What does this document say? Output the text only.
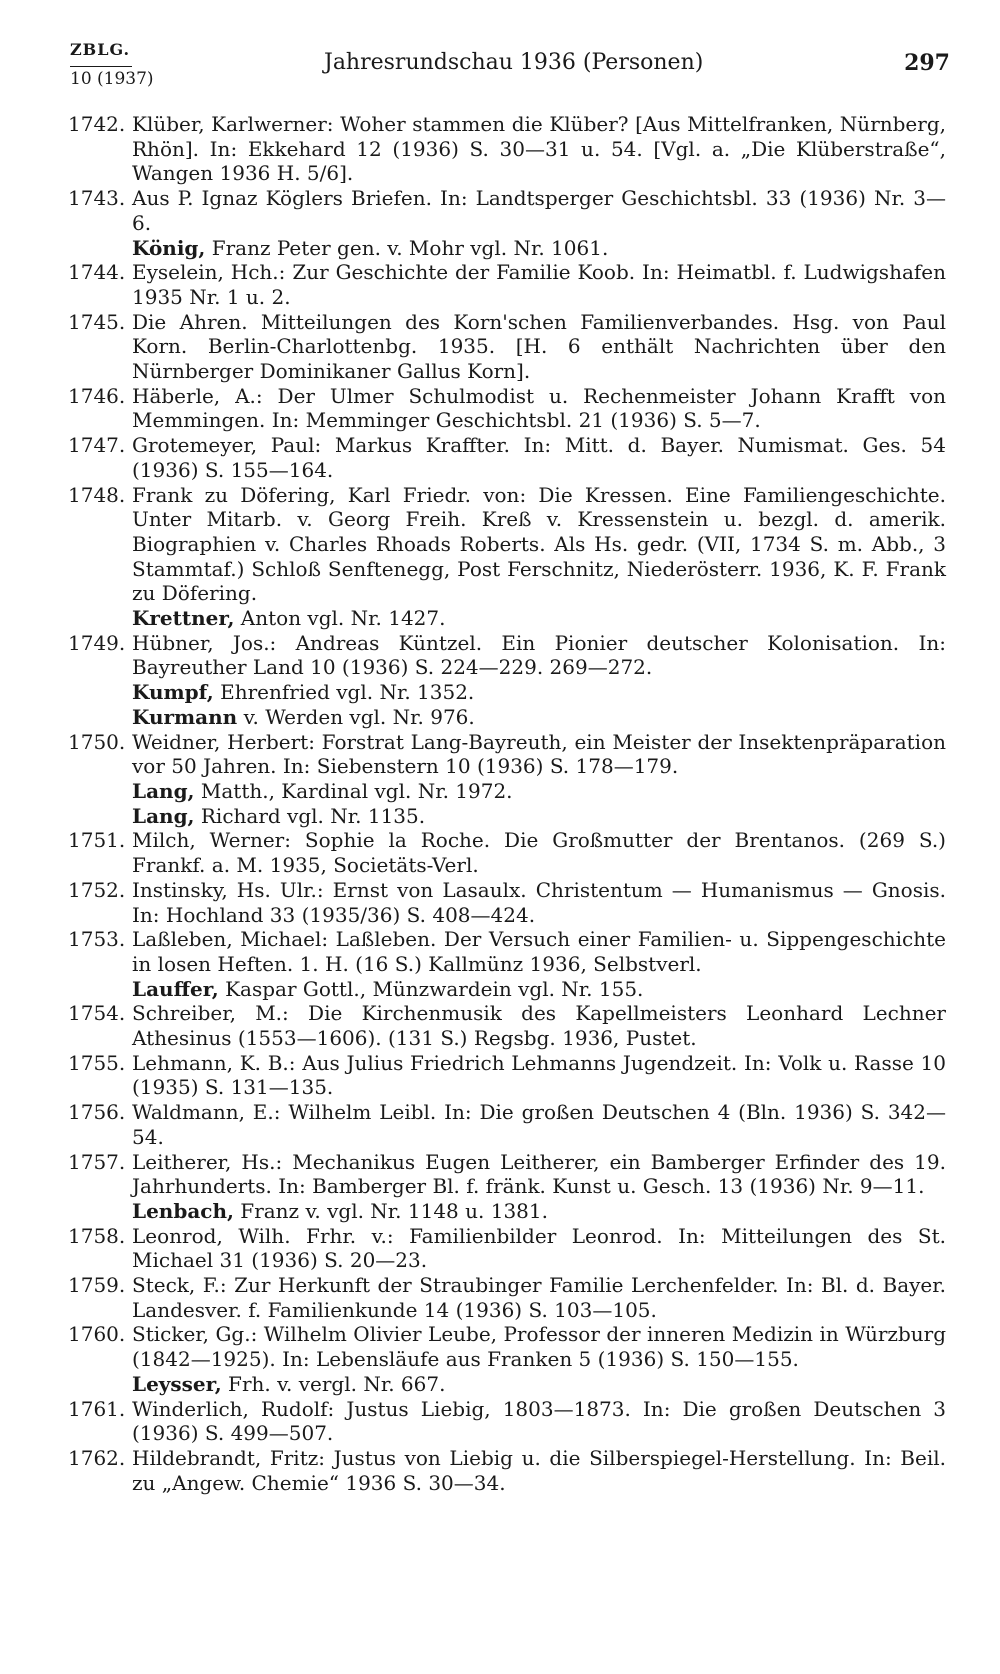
ZBLG.
10 (1937)
Jahresrundschau 1936 (Personen)	297
1742. Klüber, Karlwerner: Woher stammen die Klüber? [Aus Mittelfranken, Nürnberg, Rhön]. In: Ekkehard 12 (1936) S. 30—31 u. 54. [Vgl. a. „Die Klüberstraße“, Wangen 1936 H. 5/6].
1743. Aus P. Ignaz Köglers Briefen. In: Landtsperger Geschichtsbl. 33 (1936) Nr. 3—6.
König, Franz Peter gen. v. Mohr vgl. Nr. 1061.
1744. Eyselein, Hch.: Zur Geschichte der Familie Koob. In: Heimatbl. f. Ludwigshafen 1935 Nr. 1 u. 2.
1745. Die Ahren. Mitteilungen des Korn'schen Familienverbandes. Hsg. von Paul Korn. Berlin-Charlottenbg. 1935. [H. 6 enthält Nachrichten über den Nürnberger Dominikaner Gallus Korn].
1746. Häberle, A.: Der Ulmer Schulmodist u. Rechenmeister Johann Krafft von Memmingen. In: Memminger Geschichtsbl. 21 (1936) S. 5—7.
1747. Grotemeyer, Paul: Markus Kraffter. In: Mitt. d. Bayer. Numismat. Ges. 54 (1936) S. 155—164.
1748. Frank zu Döfering, Karl Friedr. von: Die Kressen. Eine Familiengeschichte. Unter Mitarb. v. Georg Freih. Kreß v. Kressenstein u. bezgl. d. amerik. Biographien v. Charles Rhoads Roberts. Als Hs. gedr. (VII, 1734 S. m. Abb., 3 Stammtaf.) Schloß Senftenegg, Post Ferschnitz, Niederösterr. 1936, K. F. Frank zu Döfering.
Krettner, Anton vgl. Nr. 1427.
1749. Hübner, Jos.: Andreas Küntzel. Ein Pionier deutscher Kolonisation. In: Bayreuther Land 10 (1936) S. 224—229. 269—272.
Kumpf, Ehrenfried vgl. Nr. 1352.
Kurmann v. Werden vgl. Nr. 976.
1750. Weidner, Herbert: Forstrat Lang-Bayreuth, ein Meister der Insektenpräparation vor 50 Jahren. In: Siebenstern 10 (1936) S. 178—179.
Lang, Matth., Kardinal vgl. Nr. 1972.
Lang, Richard vgl. Nr. 1135.
1751. Milch, Werner: Sophie la Roche. Die Großmutter der Brentanos. (269 S.) Frankf. a. M. 1935, Societäts-Verl.
1752. Instinsky, Hs. Ulr.: Ernst von Lasaulx. Christentum — Humanismus — Gnosis. In: Hochland 33 (1935/36) S. 408—424.
1753. Laßleben, Michael: Laßleben. Der Versuch einer Familien- u. Sippengeschichte in losen Heften. 1. H. (16 S.) Kallmünz 1936, Selbstverl.
Lauffer, Kaspar Gottl., Münzwardein vgl. Nr. 155.
1754. Schreiber, M.: Die Kirchenmusik des Kapellmeisters Leonhard Lechner Athesinus (1553—1606). (131 S.) Regsbg. 1936, Pustet.
1755. Lehmann, K. B.: Aus Julius Friedrich Lehmanns Jugendzeit. In: Volk u. Rasse 10 (1935) S. 131—135.
1756. Waldmann, E.: Wilhelm Leibl. In: Die großen Deutschen 4 (Bln. 1936) S. 342—54.
1757. Leitherer, Hs.: Mechanikus Eugen Leitherer, ein Bamberger Erfinder des 19. Jahrhunderts. In: Bamberger Bl. f. fränk. Kunst u. Gesch. 13 (1936) Nr. 9—11.
Lenbach, Franz v. vgl. Nr. 1148 u. 1381.
1758. Leonrod, Wilh. Frhr. v.: Familienbilder Leonrod. In: Mitteilungen des St. Michael 31 (1936) S. 20—23.
1759. Steck, F.: Zur Herkunft der Straubinger Familie Lerchenfelder. In: Bl. d. Bayer. Landesver. f. Familienkunde 14 (1936) S. 103—105.
1760. Sticker, Gg.: Wilhelm Olivier Leube, Professor der inneren Medizin in Würzburg (1842—1925). In: Lebensläufe aus Franken 5 (1936) S. 150—155.
Leysser, Frh. v. vergl. Nr. 667.
1761. Winderlich, Rudolf: Justus Liebig, 1803—1873. In: Die großen Deutschen 3 (1936) S. 499—507.
1762. Hildebrandt, Fritz: Justus von Liebig u. die Silberspiegel-Herstellung. In: Beil. zu „Angew. Chemie“ 1936 S. 30—34.
